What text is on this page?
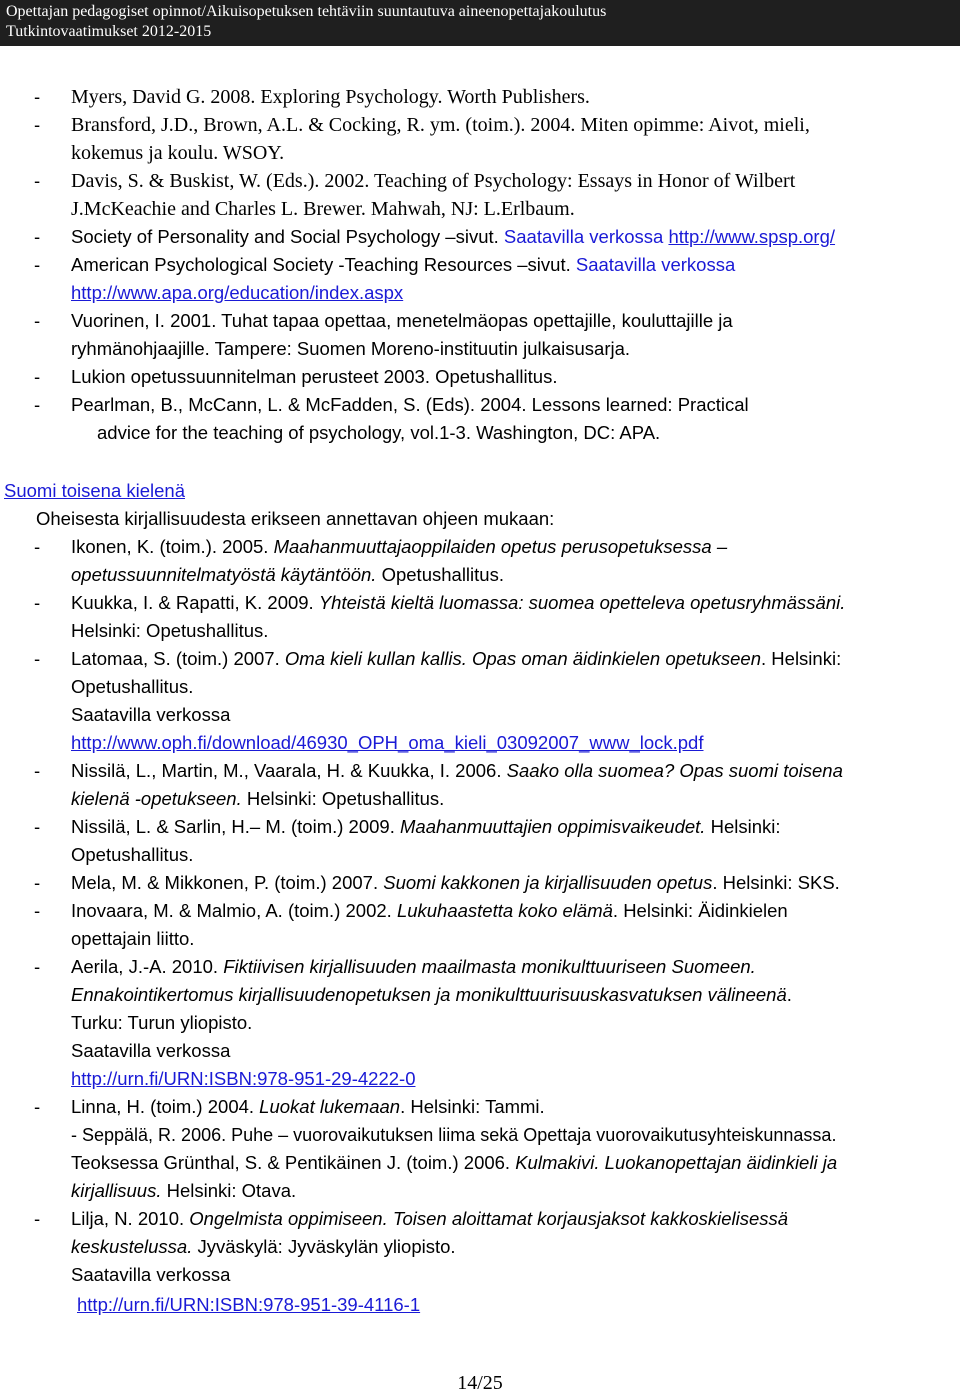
Opettajan pedagogiset opinnot/Aikuisopetuksen tehtäviin suuntautuva aineenopettajakoulutus
Tutkintovaatimukset 2012-2015
- Myers, David G. 2008. Exploring Psychology. Worth Publishers.
- Bransford, J.D., Brown, A.L. & Cocking, R. ym. (toim.). 2004. Miten opimme: Aivot, mieli,
kokemus ja koulu. WSOY.
- Davis, S. & Buskist, W. (Eds.). 2002. Teaching of Psychology: Essays in Honor of Wilbert
J.McKeachie and Charles L. Brewer. Mahwah, NJ: L.Erlbaum.
- Society of Personality and Social Psychology –sivut. Saatavilla verkossa http://www.spsp.org/
- American Psychological Society -Teaching Resources –sivut. Saatavilla verkossa
http://www.apa.org/education/index.aspx
- Vuorinen, I. 2001. Tuhat tapaa opettaa, menetelmäopas opettajille, kouluttajille ja
ryhmänohjaajille. Tampere: Suomen Moreno-instituutin julkaisusarja.
- Lukion opetussuunnitelman perusteet 2003. Opetushallitus.
- Pearlman, B., McCann, L. & McFadden, S. (Eds). 2004. Lessons learned: Practical
advice for the teaching of psychology, vol.1-3. Washington, DC: APA.
Suomi toisena kielenä
Oheisesta kirjallisuudesta erikseen annettavan ohjeen mukaan:
- Ikonen, K. (toim.). 2005. Maahanmuuttajaoppilaiden opetus perusopetuksessa –
opetussuunnitelmatyöstä käytäntöön. Opetushallitus.
- Kuukka, I. & Rapatti, K. 2009. Yhteistä kieltä luomassa: suomea opetteleva opetusryhmässäni.
Helsinki: Opetushallitus.
- Latomaa, S. (toim.) 2007. Oma kieli kullan kallis. Opas oman äidinkielen opetukseen. Helsinki:
Opetushallitus.
Saatavilla verkossa
http://www.oph.fi/download/46930_OPH_oma_kieli_03092007_www_lock.pdf
- Nissilä, L., Martin, M., Vaarala, H. & Kuukka, I. 2006. Saako olla suomea? Opas suomi toisena
kielenä -opetukseen. Helsinki: Opetushallitus.
- Nissilä, L. & Sarlin, H.– M. (toim.) 2009. Maahanmuuttajien oppimisvaikeudet. Helsinki:
Opetushallitus.
- Mela, M. & Mikkonen, P. (toim.) 2007. Suomi kakkonen ja kirjallisuuden opetus. Helsinki: SKS.
- Inovaara, M. & Malmio, A. (toim.) 2002. Lukuhaastetta koko elämä. Helsinki: Äidinkielen
opettajain liitto.
- Aerila, J.-A. 2010. Fiktiivisen kirjallisuuden maailmasta monikulttuuriseen Suomeen.
Ennakointikertomus kirjallisuudenopetuksen ja monikulttuurisuuskasvatuksen välineenä.
Turku: Turun yliopisto.
Saatavilla verkossa
http://urn.fi/URN:ISBN:978-951-29-4222-0
- Linna, H. (toim.) 2004. Luokat lukemaan. Helsinki: Tammi.
- Seppälä, R. 2006. Puhe – vuorovaikutuksen liima sekä Opettaja vuorovaikutusyhteiskunnassa.
Teoksessa Grünthal, S. & Pentikäinen J. (toim.) 2006. Kulmakivi. Luokanopettajan äidinkieli ja
kirjallisuus. Helsinki: Otava.
- Lilja, N. 2010. Ongelmista oppimiseen. Toisen aloittamat korjausjaksot kakkoskielisessä
keskustelussa. Jyväskylä: Jyväskylän yliopisto.
Saatavilla verkossa
http://urn.fi/URN:ISBN:978-951-39-4116-1
14/25
